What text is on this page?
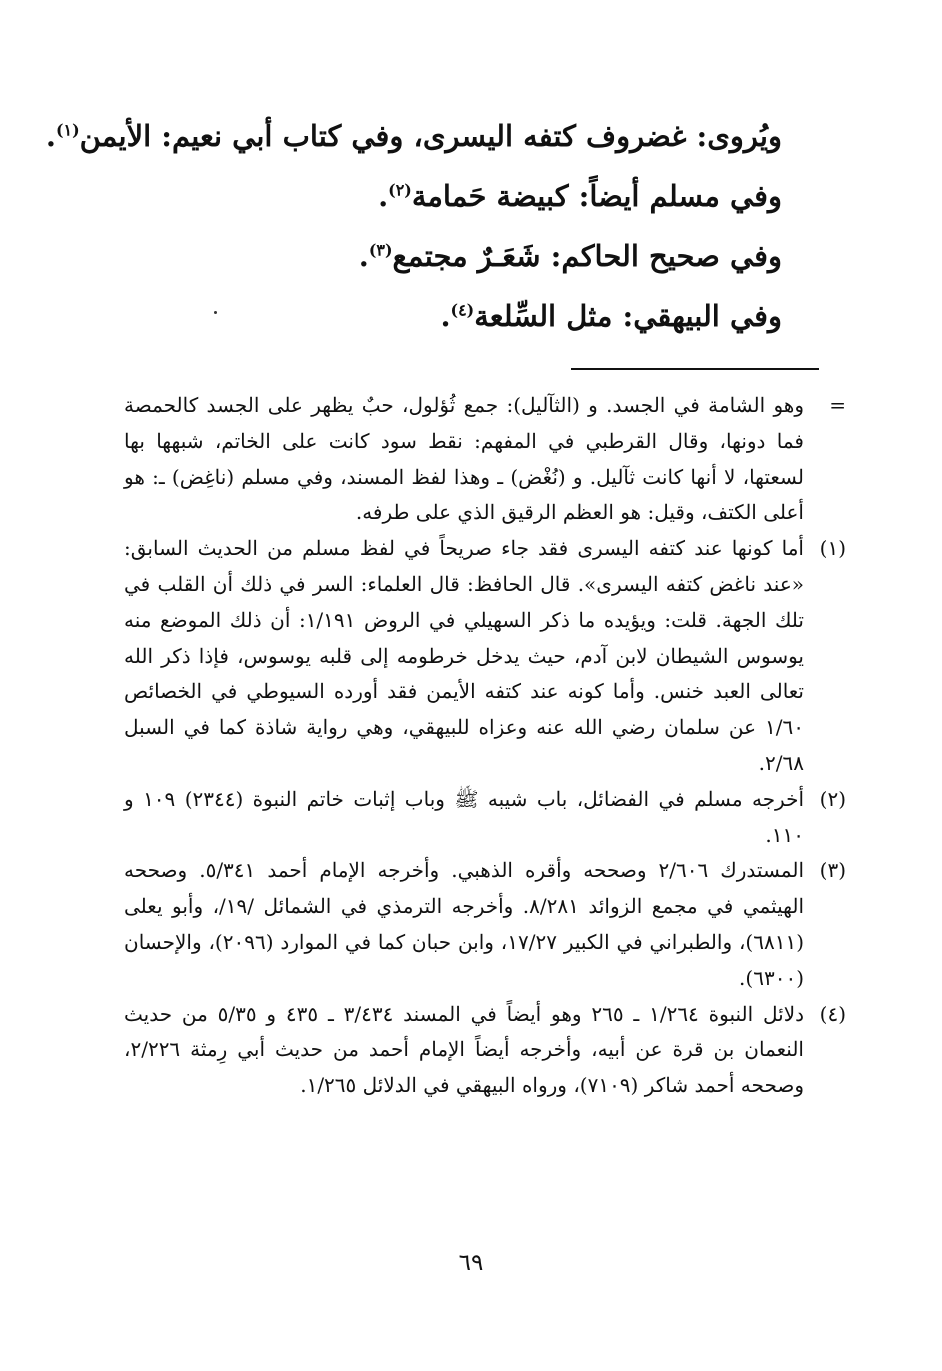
ويُروى: غضروف كتفه اليسرى، وفي كتاب أبي نعيم: الأيمن$^{(١)}$.
وفي مسلم أيضاً: كبيضة حَمامة$^{(٢)}$.
وفي صحيح الحاكم: شَعَـرٌ مجتمع$^{(٣)}$.
وفي البيهقي: مثل السِّلعة$^{(٤)}$.
=
وهو الشامة في الجسد. و (الثآليل): جمع ثُؤلول، حبٌ يظهر على الجسد كالحمصة فما دونها، وقال القرطبي في المفهم: نقط سود كانت على الخاتم، شبهها بها لسعتها، لا أنها كانت ثآليل. و (نُغْض) ـ وهذا لفظ المسند، وفي مسلم (ناغِض) ـ: هو أعلى الكتف، وقيل: هو العظم الرقيق الذي على طرفه.
(١)
أما كونها عند كتفه اليسرى فقد جاء صريحاً في لفظ مسلم من الحديث السابق: «عند ناغض كتفه اليسرى». قال الحافظ: قال العلماء: السر في ذلك أن القلب في تلك الجهة. قلت: ويؤيده ما ذكر السهيلي في الروض ١/١٩١: أن ذلك الموضع منه يوسوس الشيطان لابن آدم، حيث يدخل خرطومه إلى قلبه يوسوس، فإذا ذكر الله تعالى العبد خنس. وأما كونه عند كتفه الأيمن فقد أورده السيوطي في الخصائص ١/٦٠ عن سلمان رضي الله عنه وعزاه للبيهقي، وهي رواية شاذة كما في السبل ٢/٦٨.
(٢)
أخرجه مسلم في الفضائل، باب شيبه ﷺ وباب إثبات خاتم النبوة (٢٣٤٤) ١٠٩ و ١١٠.
(٣)
المستدرك ٢/٦٠٦ وصححه وأقره الذهبي. وأخرجه الإمام أحمد ٥/٣٤١. وصححه الهيثمي في مجمع الزوائد ٨/٢٨١. وأخرجه الترمذي في الشمائل /١٩/، وأبو يعلى (٦٨١١)، والطبراني في الكبير ١٧/٢٧، وابن حبان كما في الموارد (٢٠٩٦)، والإحسان (٦٣٠٠).
(٤)
دلائل النبوة ١/٢٦٤ ـ ٢٦٥ وهو أيضاً في المسند ٣/٤٣٤ ـ ٤٣٥ و ٥/٣٥ من حديث النعمان بن قرة عن أبيه، وأخرجه أيضاً الإمام أحمد من حديث أبي رِمثة ٢/٢٢٦، وصححه أحمد شاكر (٧١٠٩)، ورواه البيهقي في الدلائل ١/٢٦٥.
٦٩
